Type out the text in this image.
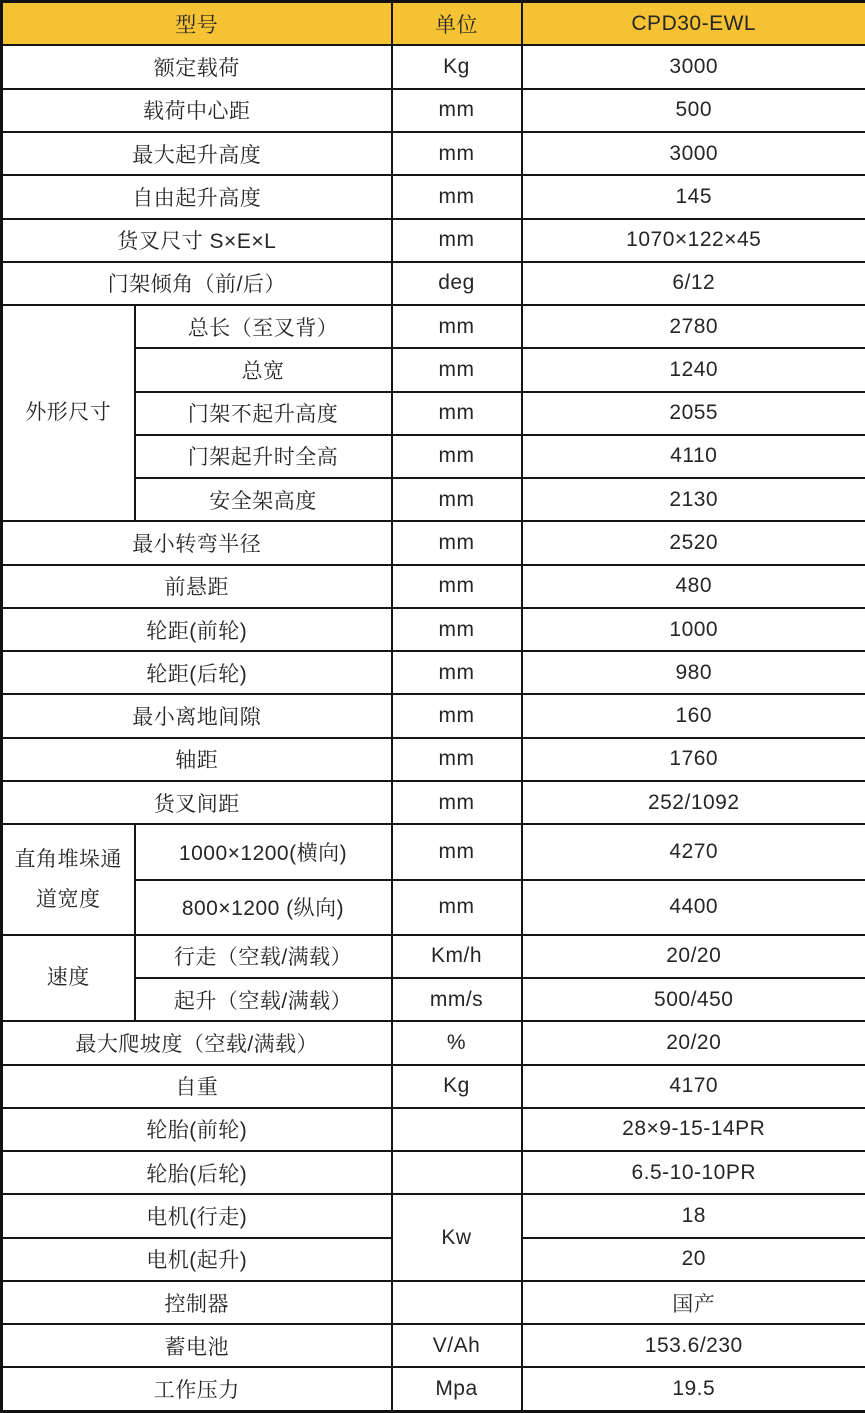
型号		单位	CPD30-EWL
额定载荷		Kg	3000
载荷中心距		mm	500
最大起升高度		mm	3000
自由起升高度		mm	145
货叉尺寸 S×E×L		mm	1070×122×45
门架倾角（前/后）		deg	6/12
外形尺寸	总长（至叉背）	mm	2780
	总宽	mm	1240
	门架不起升高度	mm	2055
	门架起升时全高	mm	4110
	安全架高度	mm	2130
最小转弯半径		mm	2520
前悬距		mm	480
轮距(前轮)		mm	1000
轮距(后轮)		mm	980
最小离地间隙		mm	160
轴距		mm	1760
货叉间距		mm	252/1092
直角堆垛通道宽度	1000×1200(横向)	mm	4270
	800×1200 (纵向)	mm	4400
速度	行走（空载/满载）	Km/h	20/20
	起升（空载/满载）	mm/s	500/450
最大爬坡度（空载/满载）		%	20/20
自重		Kg	4170
轮胎(前轮)			28×9-15-14PR
轮胎(后轮)			6.5-10-10PR
电机(行走)		Kw	18
电机(起升)			20
控制器			国产
蓄电池		V/Ah	153.6/230
工作压力		Mpa	19.5
